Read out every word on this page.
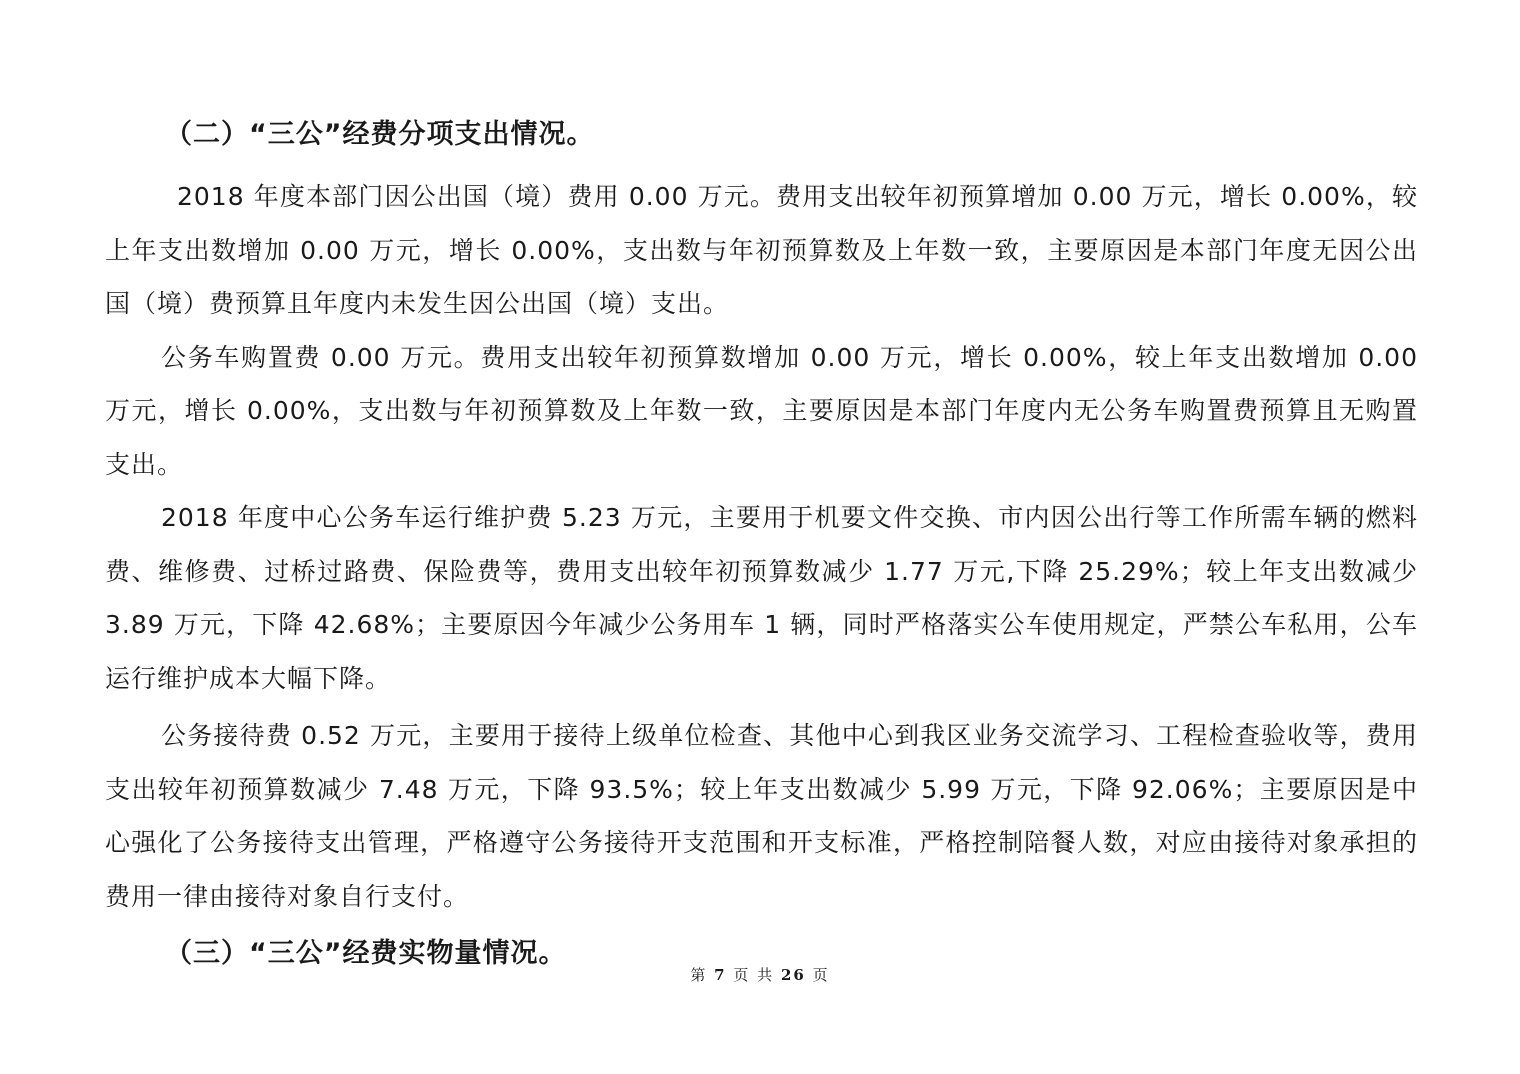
（二）“三公”经费分项支出情况。

2018 年度本部门因公出国（境）费用 0.00 万元。费用支出较年初预算增加 0.00 万元，增长 0.00%，较上年支出数增加 0.00 万元，增长 0.00%，支出数与年初预算数及上年数一致，主要原因是本部门年度无因公出国（境）费预算且年度内未发生因公出国（境）支出。

公务车购置费 0.00 万元。费用支出较年初预算数增加 0.00 万元，增长 0.00%，较上年支出数增加 0.00 万元，增长 0.00%，支出数与年初预算数及上年数一致，主要原因是本部门年度内无公务车购置费预算且无购置支出。

2018 年度中心公务车运行维护费 5.23 万元，主要用于机要文件交换、市内因公出行等工作所需车辆的燃料费、维修费、过桥过路费、保险费等，费用支出较年初预算数减少 1.77 万元,下降 25.29%；较上年支出数减少 3.89 万元，下降 42.68%；主要原因今年减少公务用车 1 辆，同时严格落实公车使用规定，严禁公车私用，公车运行维护成本大幅下降。

公务接待费 0.52 万元，主要用于接待上级单位检查、其他中心到我区业务交流学习、工程检查验收等，费用支出较年初预算数减少 7.48 万元，下降 93.5%；较上年支出数减少 5.99 万元，下降 92.06%；主要原因是中心强化了公务接待支出管理，严格遵守公务接待开支范围和开支标准，严格控制陪餐人数，对应由接待对象承担的费用一律由接待对象自行支付。

（三）“三公”经费实物量情况。

第 7 页 共 26 页
